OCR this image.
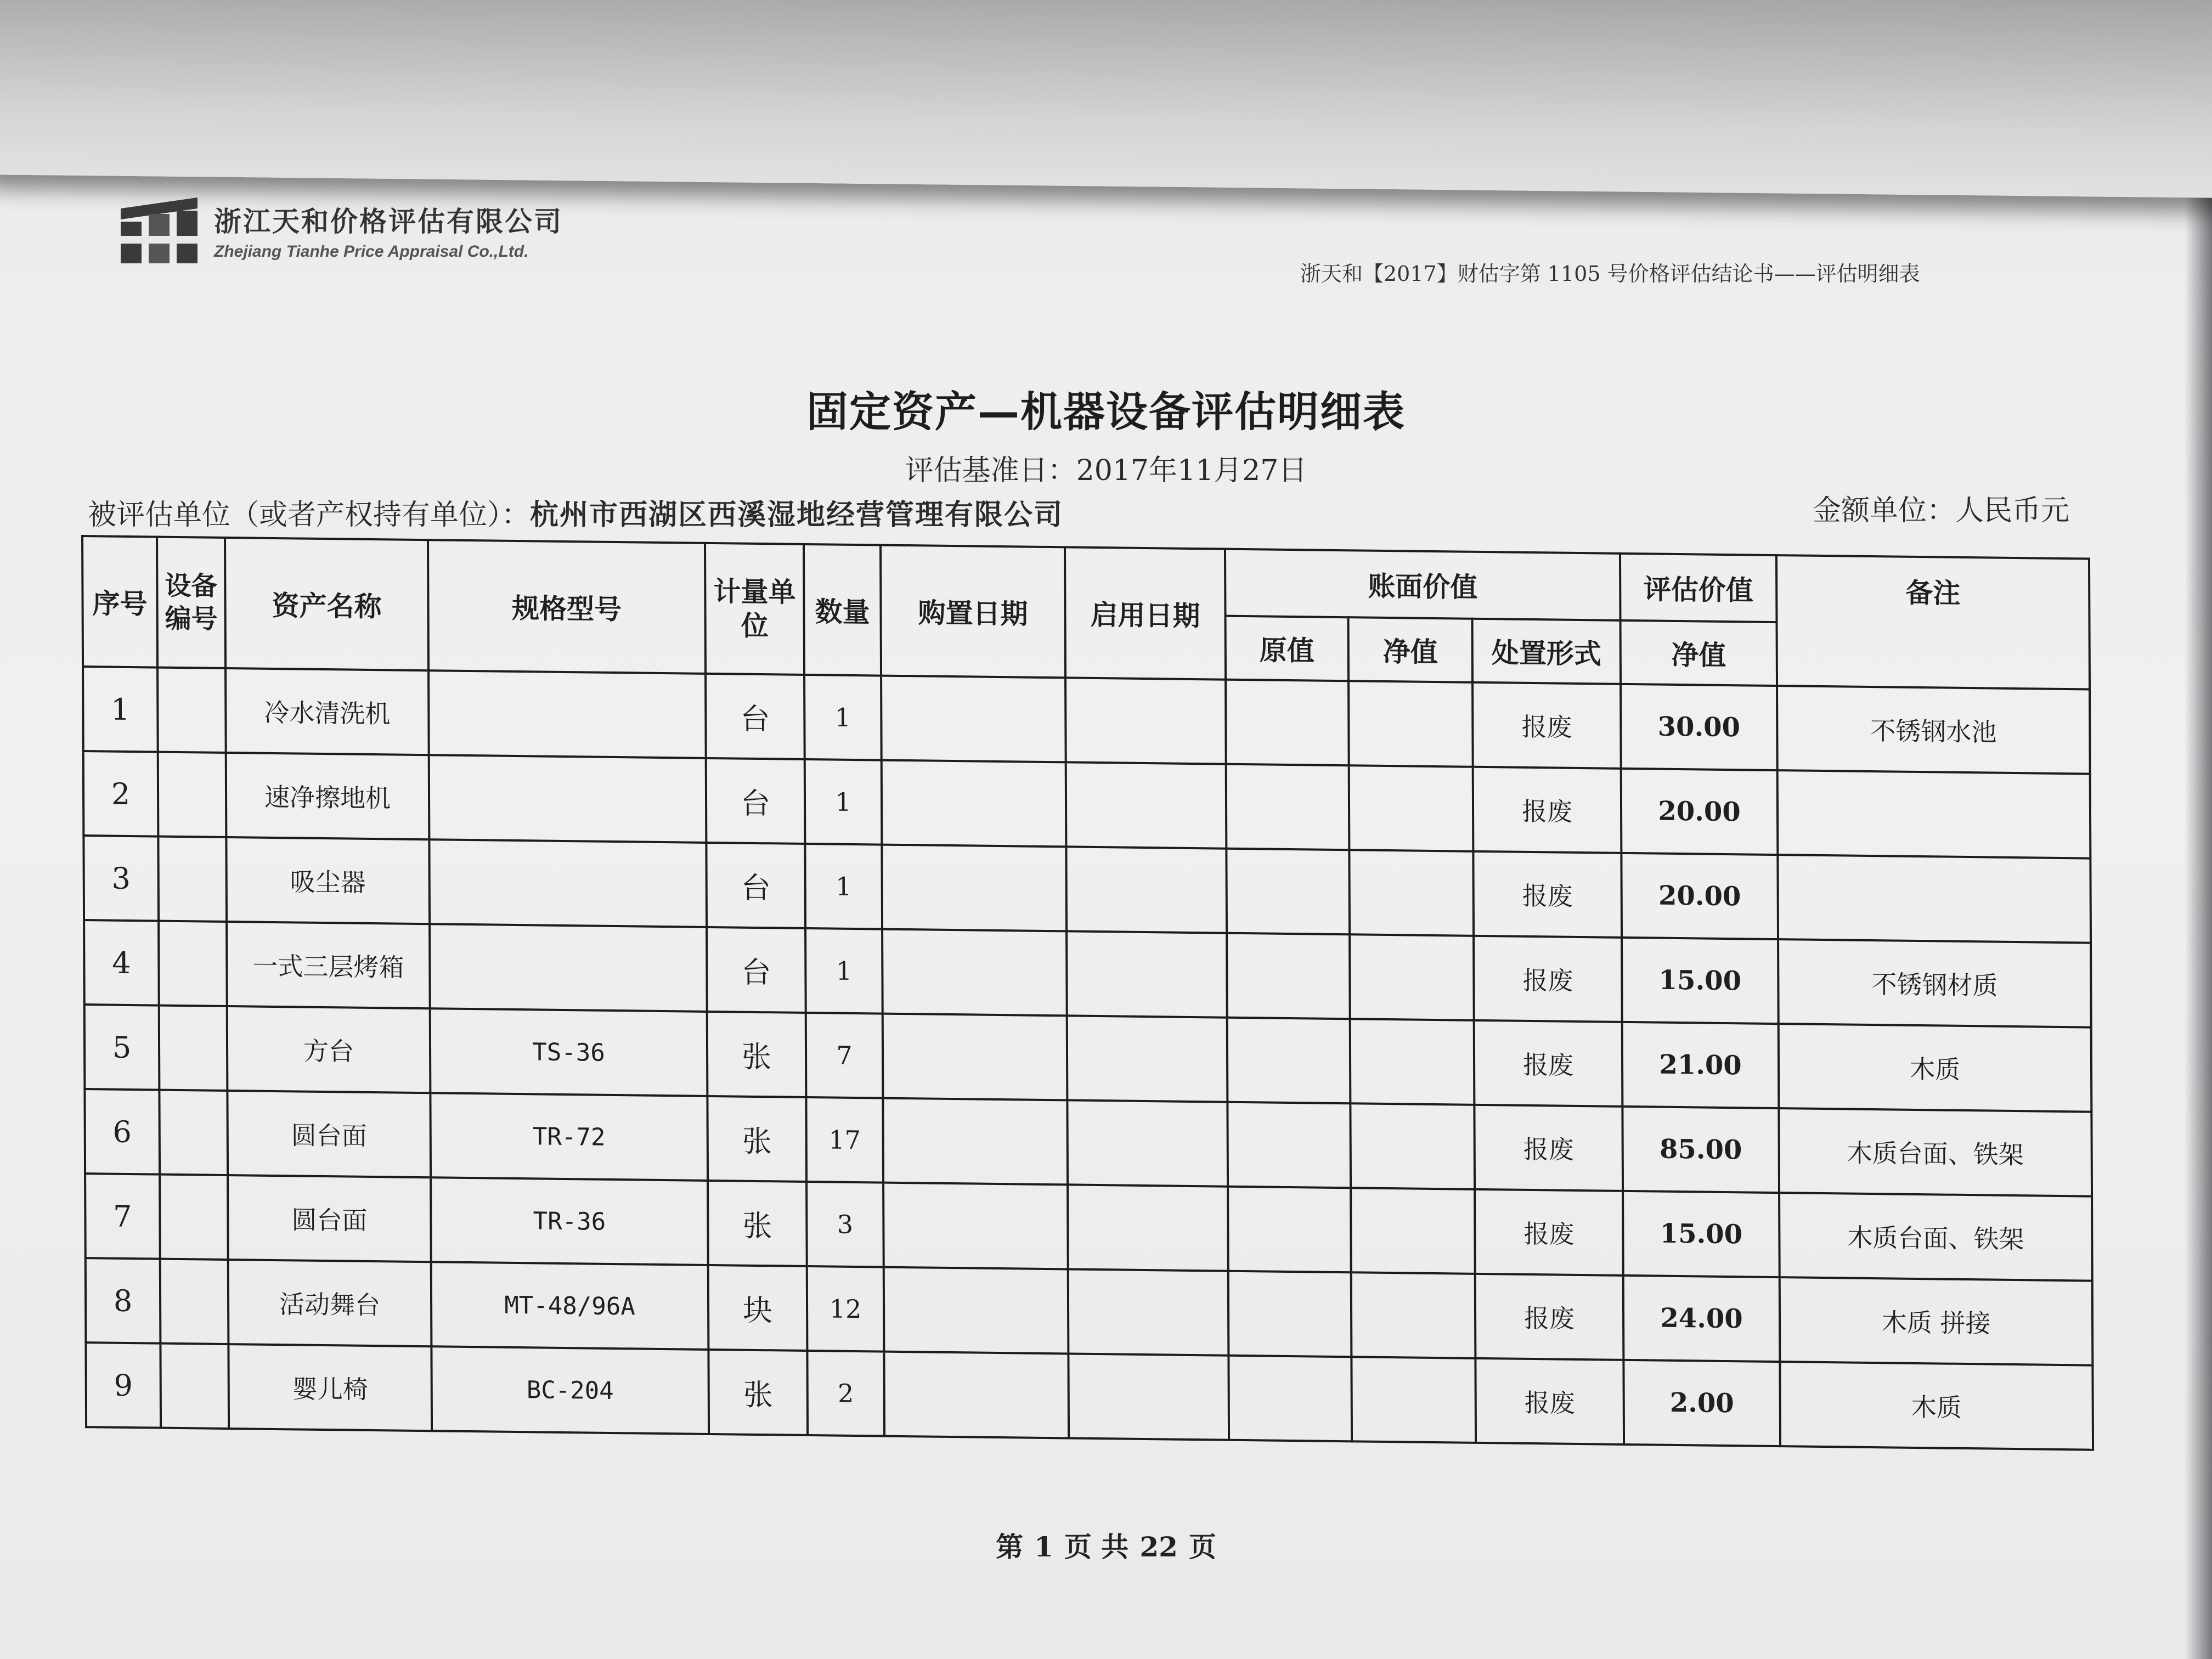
浙江天和价格评估有限公司
Zhejiang Tianhe Price Appraisal Co.,Ltd.
浙天和【2017】财估字第 1105 号价格评估结论书——评估明细表
固定资产—机器设备评估明细表
评估基准日：2017年11月27日
被评估单位（或者产权持有单位）：杭州市西湖区西溪湿地经营管理有限公司	金额单位：人民币元
序号	设备编号	资产名称	规格型号	计量单位	数量	购置日期	启用日期	账面价值			评估价值	备注
								原值	净值	处置形式	净值	
1		冷水清洗机		台	1					报废	30.00	不锈钢水池
2		速净擦地机		台	1					报废	20.00	
3		吸尘器		台	1					报废	20.00	
4		一式三层烤箱		台	1					报废	15.00	不锈钢材质
5		方台	TS-36	张	7					报废	21.00	木质
6		圆台面	TR-72	张	17					报废	85.00	木质台面、铁架
7		圆台面	TR-36	张	3					报废	15.00	木质台面、铁架
8		活动舞台	MT-48/96A	块	12					报废	24.00	木质 拼接
9		婴儿椅	BC-204	张	2					报废	2.00	木质
第 1 页 共 22 页
